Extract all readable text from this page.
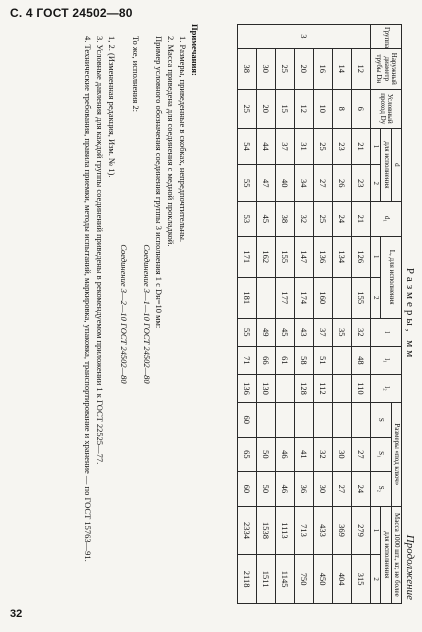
С. 4 ГОСТ 24502—80
Продолжение
Размеры, мм
Группа	Наружный диаметр трубы Dн	Условный проход Dу	d		d₁	L, для исполнения		l	l₁	l₂	Размеры «под ключ»			Масса 1000 шт., кг, не более	
			для исполнения								S	S₁	S₂	для исполнения	
			1	2		1	2							1	2
3	12	6	21	23	21	126	155	32	48	110		27	24	279	315
	14	8	23	26	24	134		35				30	27	369	404
	16	10	25	27	25	136	160	37	51	112		32	30	433	450
	20	12	31	34	32	147	174	43	58	128		41	36	713	750
	25	15	37	40	38	155	177	45	61			46	46	1113	1145
	30	20	44	47	45	162		49	66	130		50	50	1538	1511
	38	25	54	55	53	171	181	55	71	136	60	65	60	2334	2118

Примечания:

1. Размеры, приведенные в скобках, непредпочтительны.

2. Масса приведена для соединения с медной прокладкой.

Пример условного обозначения соединения группы 3 исполнения 1 с Dн=10 мм:

Соединение 3—1—10 ГОСТ 24502—80

То же, исполнения 2:

Соединение 3—2—10 ГОСТ 24502—80

1, 2. (Измененная редакция, Изм. № 1).

3. Условные давления для каждой группы соединений приведены в рекомендуемом приложении 1 к ГОСТ 22525—77.

4. Технические требования, правила приемки, методы испытаний, маркировка, упаковка, транспортирование и хранение — по ГОСТ 15763—91.

32
